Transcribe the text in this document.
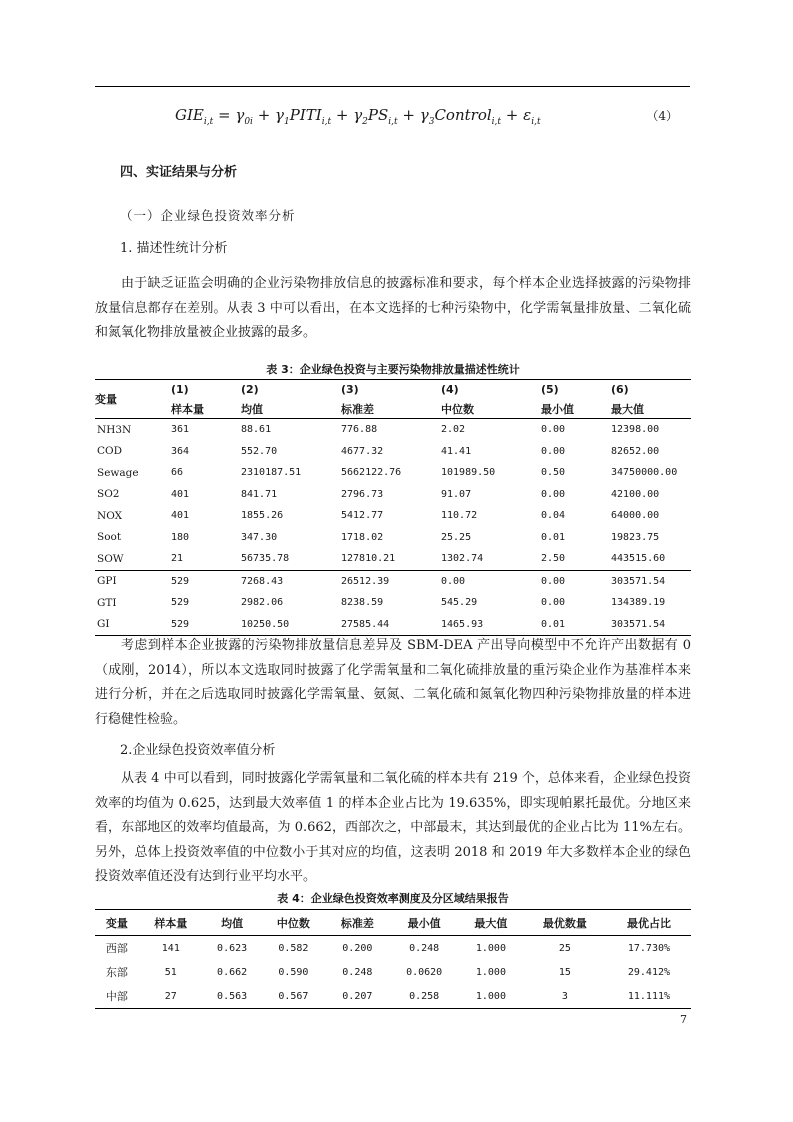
$GIE_{i,t} = \gamma_{0i}$ + $\gamma_1PITI_{i,t} + \gamma_2PS_{i,t}$ + $\gamma_3Control_{i,t} + \varepsilon_{i,t}$	（4）
四、实证结果与分析
（一）企业绿色投资效率分析
1. 描述性统计分析

由于缺乏证监会明确的企业污染物排放信息的披露标准和要求，每个样本企业选择披露的污染物排放量信息都存在差别。从表 3 中可以看出，在本文选择的七种污染物中，化学需氧量排放量、二氧化硫和氮氧化物排放量被企业披露的最多。

表 3：企业绿色投资与主要污染物排放量描述性统计
变量	(1)	(2)	(3)	(4)	(5)	(6)
	样本量	均值	标准差	中位数	最小值	最大值
NH3N	361	88.61	776.88	2.02	0.00	12398.00
COD	364	552.70	4677.32	41.41	0.00	82652.00
Sewage	66	2310187.51	5662122.76	101989.50	0.50	34750000.00
SO2	401	841.71	2796.73	91.07	0.00	42100.00
NOX	401	1855.26	5412.77	110.72	0.04	64000.00
Soot	180	347.30	1718.02	25.25	0.01	19823.75
SOW	21	56735.78	127810.21	1302.74	2.50	443515.60
GPI	529	7268.43	26512.39	0.00	0.00	303571.54
GTI	529	2982.06	8238.59	545.29	0.00	134389.19
GI	529	10250.50	27585.44	1465.93	0.01	303571.54

考虑到样本企业披露的污染物排放量信息差异及 SBM-DEA 产出导向模型中不允许产出数据有 0（成刚，2014），所以本文选取同时披露了化学需氧量和二氧化硫排放量的重污染企业作为基准样本来进行分析，并在之后选取同时披露化学需氧量、氨氮、二氧化硫和氮氧化物四种污染物排放量的样本进行稳健性检验。

2.企业绿色投资效率值分析

从表 4 中可以看到，同时披露化学需氧量和二氧化硫的样本共有 219 个，总体来看，企业绿色投资效率的均值为 0.625，达到最大效率值 1 的样本企业占比为 19.635%，即实现帕累托最优。分地区来看，东部地区的效率均值最高，为 0.662，西部次之，中部最末，其达到最优的企业占比为 11%左右。另外，总体上投资效率值的中位数小于其对应的均值，这表明 2018 和 2019 年大多数样本企业的绿色投资效率值还没有达到行业平均水平。

表 4：企业绿色投资效率测度及分区域结果报告
变量	样本量	均值	中位数	标准差	最小值	最大值	最优数量	最优占比
西部	141	0.623	0.582	0.200	0.248	1.000	25	17.730%
东部	51	0.662	0.590	0.248	0.0620	1.000	15	29.412%
中部	27	0.563	0.567	0.207	0.258	1.000	3	11.111%
7
